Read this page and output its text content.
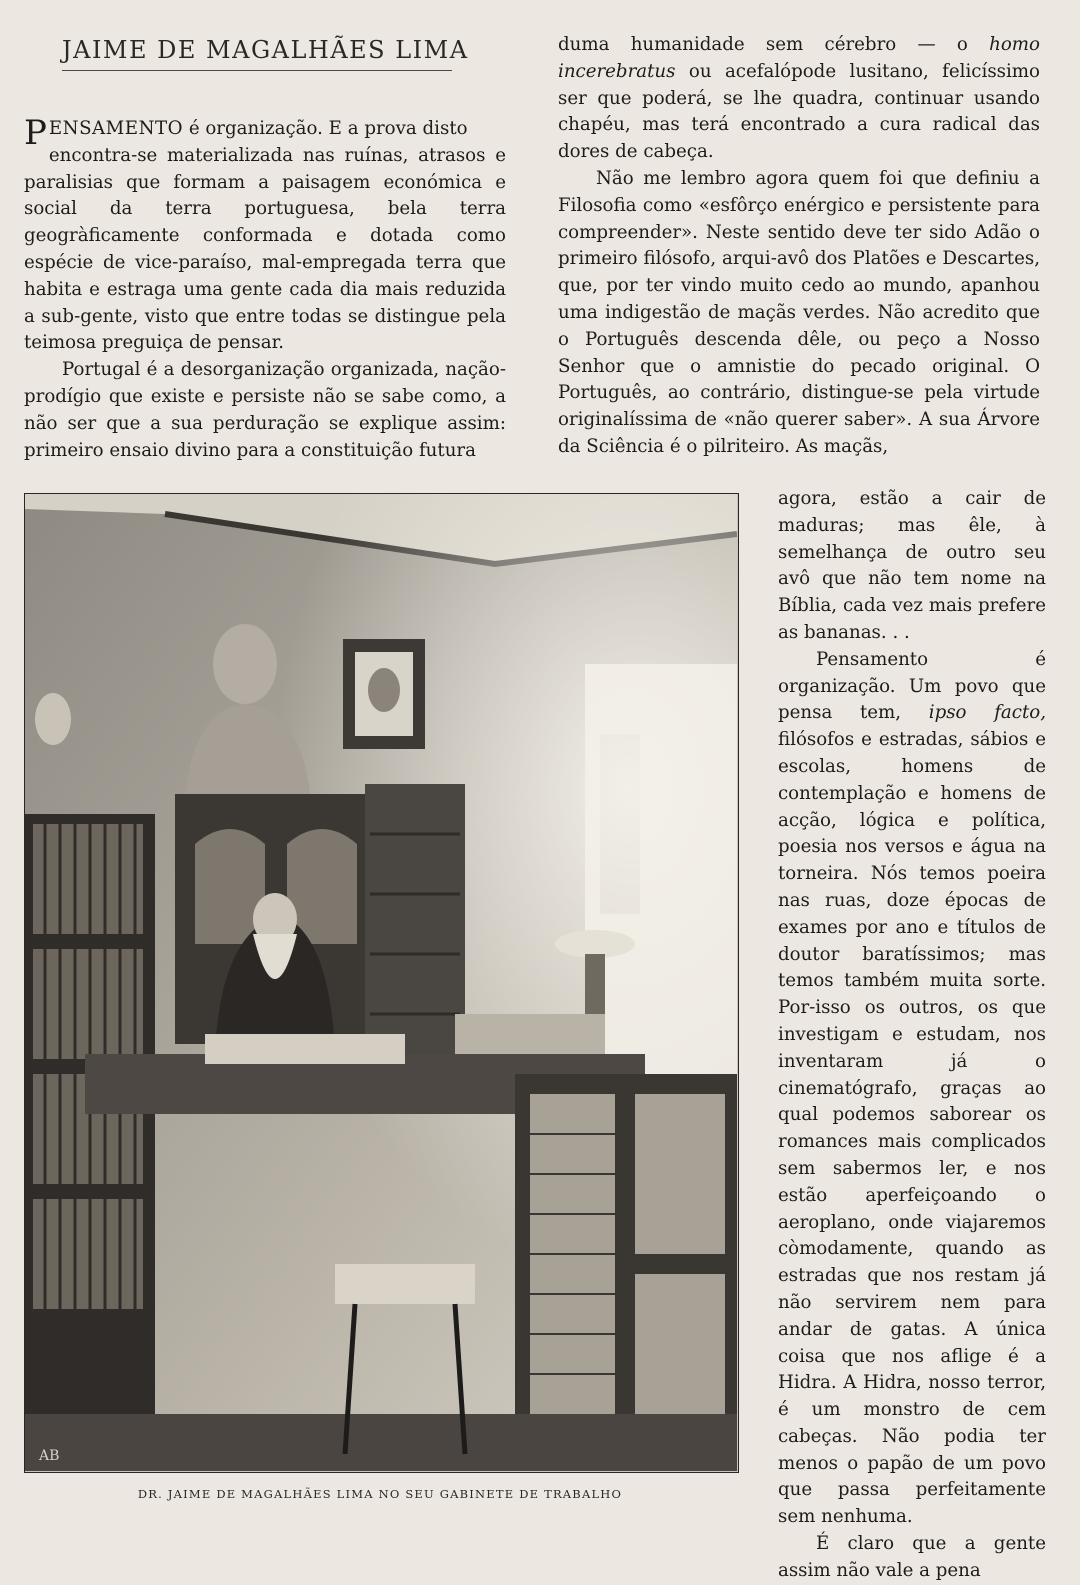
JAIME DE MAGALHÃES LIMA

PENSAMENTO é organização. E a prova disto
encontra-se materializada nas ruínas, atrasos e paralisias que formam a paisagem económica e social da terra portuguesa, bela terra geogràficamente conformada e dotada como espécie de vice-paraíso, mal-empregada terra que habita e estraga uma gente cada dia mais reduzida a sub-gente, visto que entre todas se distingue pela teimosa preguiça de pensar.

Portugal é a desorganização organizada, nação-prodígio que existe e persiste não se sabe como, a não ser que a sua perduração se explique assim: primeiro ensaio divino para a constituição futura

duma humanidade sem cérebro — o homo incerebratus ou acefalópode lusitano, felicíssimo ser que poderá, se lhe quadra, continuar usando chapéu, mas terá encontrado a cura radical das dores de cabeça.

Não me lembro agora quem foi que definiu a Filosofia como «esfôrço enérgico e persistente para compreender». Neste sentido deve ter sido Adão o primeiro filósofo, arqui-avô dos Platões e Descartes, que, por ter vindo muito cedo ao mundo, apanhou uma indigestão de maçãs verdes. Não acredito que o Português descenda dêle, ou peço a Nosso Senhor que o amnistie do pecado original. O Português, ao contrário, distingue-se pela virtude originalíssima de «não querer saber». A sua Árvore da Sciência é o pilriteiro. As maçãs,

agora, estão a cair de maduras; mas êle, à semelhança de outro seu avô que não tem nome na Bíblia, cada vez mais prefere as bananas. . .

Pensamento é organização. Um povo que pensa tem, ipso facto, filósofos e estradas, sábios e escolas, homens de contemplação e homens de acção, lógica e política, poesia nos versos e água na torneira. Nós temos poeira nas ruas, doze épocas de exames por ano e títulos de doutor baratíssimos; mas temos também muita sorte. Por-isso os outros, os que investigam e estudam, nos inventaram já o cinematógrafo, graças ao qual podemos saborear os romances mais complicados sem sabermos ler, e nos estão aperfeiçoando o aeroplano, onde viajaremos còmodamente, quando as estradas que nos restam já não servirem nem para andar de gatas. A única coisa que nos aflige é a Hidra. A Hidra, nosso terror, é um monstro de cem cabeças. Não podia ter menos o papão de um povo que passa perfeitamente sem nenhuma.

É claro que a gente assim não vale a pena

AB
DR. JAIME DE MAGALHÃES LIMA NO SEU GABINETE DE TRABALHO
